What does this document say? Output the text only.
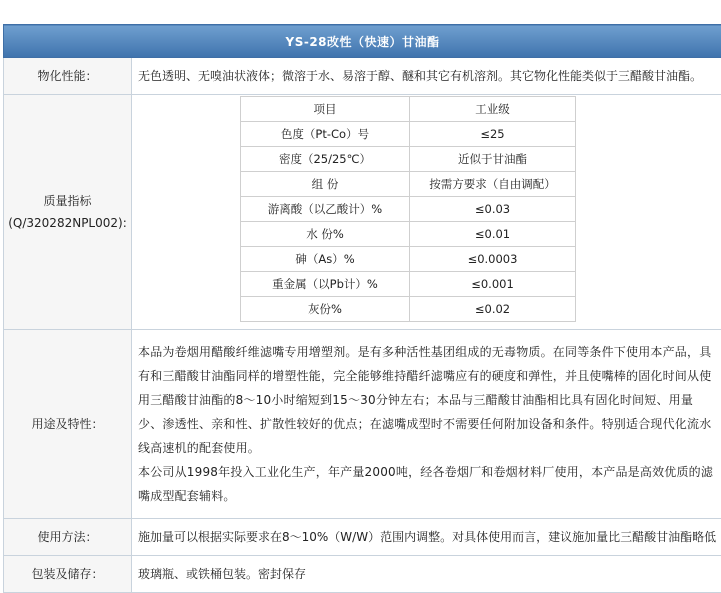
YS-28改性（快速）甘油酯
物化性能：	无色透明、无嗅油状液体；微溶于水、易溶于醇、醚和其它有机溶剂。其它物化性能类似于三醋酸甘油酯。

质量指标
(Q/320282NPL002):

项目	工业级
色度（Pt-Co）号	≤25
密度（25/25℃）	近似于甘油酯
组 份	按需方要求（自由调配）
游离酸（以乙酸计）%	≤0.03
水 份%	≤0.01
砷（As）%	≤0.0003
重金属（以Pb计）%	≤0.001
灰份%	≤0.02

用途及特性：	

本品为卷烟用醋酸纤维滤嘴专用增塑剂。是有多种活性基团组成的无毒物质。在同等条件下使用本产品，具有和三醋酸甘油酯同样的增塑性能，完全能够维持醋纤滤嘴应有的硬度和弹性，并且使嘴棒的固化时间从使用三醋酸甘油酯的8～10小时缩短到15～30分钟左右；本品与三醋酸甘油酯相比具有固化时间短、用量少、渗透性、亲和性、扩散性较好的优点；在滤嘴成型时不需要任何附加设备和条件。特别适合现代化流水线高速机的配套使用。

本公司从1998年投入工业化生产，年产量2000吨，经各卷烟厂和卷烟材料厂使用，本产品是高效优质的滤嘴成型配套辅料。

使用方法：	施加量可以根据实际要求在8～10%（W/W）范围内调整。对具体使用而言，建议施加量比三醋酸甘油酯略低
包装及储存：	玻璃瓶、或铁桶包装。密封保存
